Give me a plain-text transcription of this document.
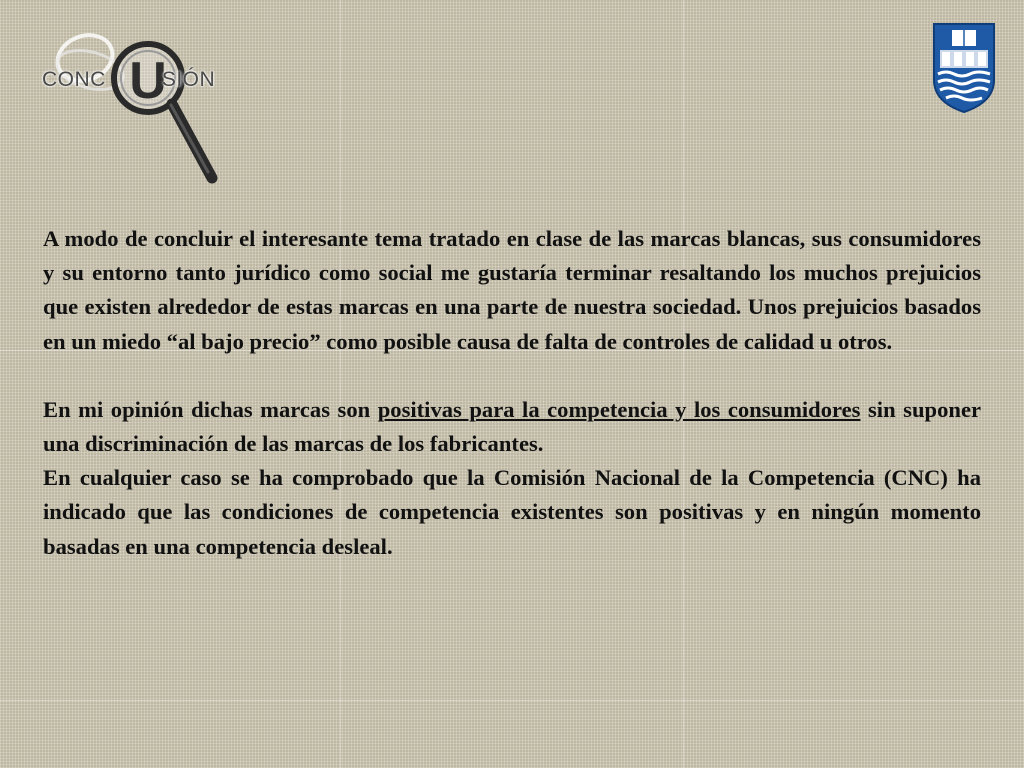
U
CONC	SIÓN

A modo de concluir el interesante tema tratado en clase de las marcas blancas, sus consumidores y su entorno tanto jurídico como social me gustaría terminar resaltando los muchos prejuicios que existen alrededor de estas marcas en una parte de nuestra sociedad. Unos prejuicios basados en un miedo “al bajo precio” como posible causa de falta de controles de calidad u otros.

En mi opinión dichas marcas son positivas para la competencia y los consumidores sin suponer una discriminación de las marcas de los fabricantes.

En cualquier caso se ha comprobado que la Comisión Nacional de la Competencia (CNC) ha indicado que las condiciones de competencia existentes son positivas y en ningún momento basadas en una competencia desleal.
